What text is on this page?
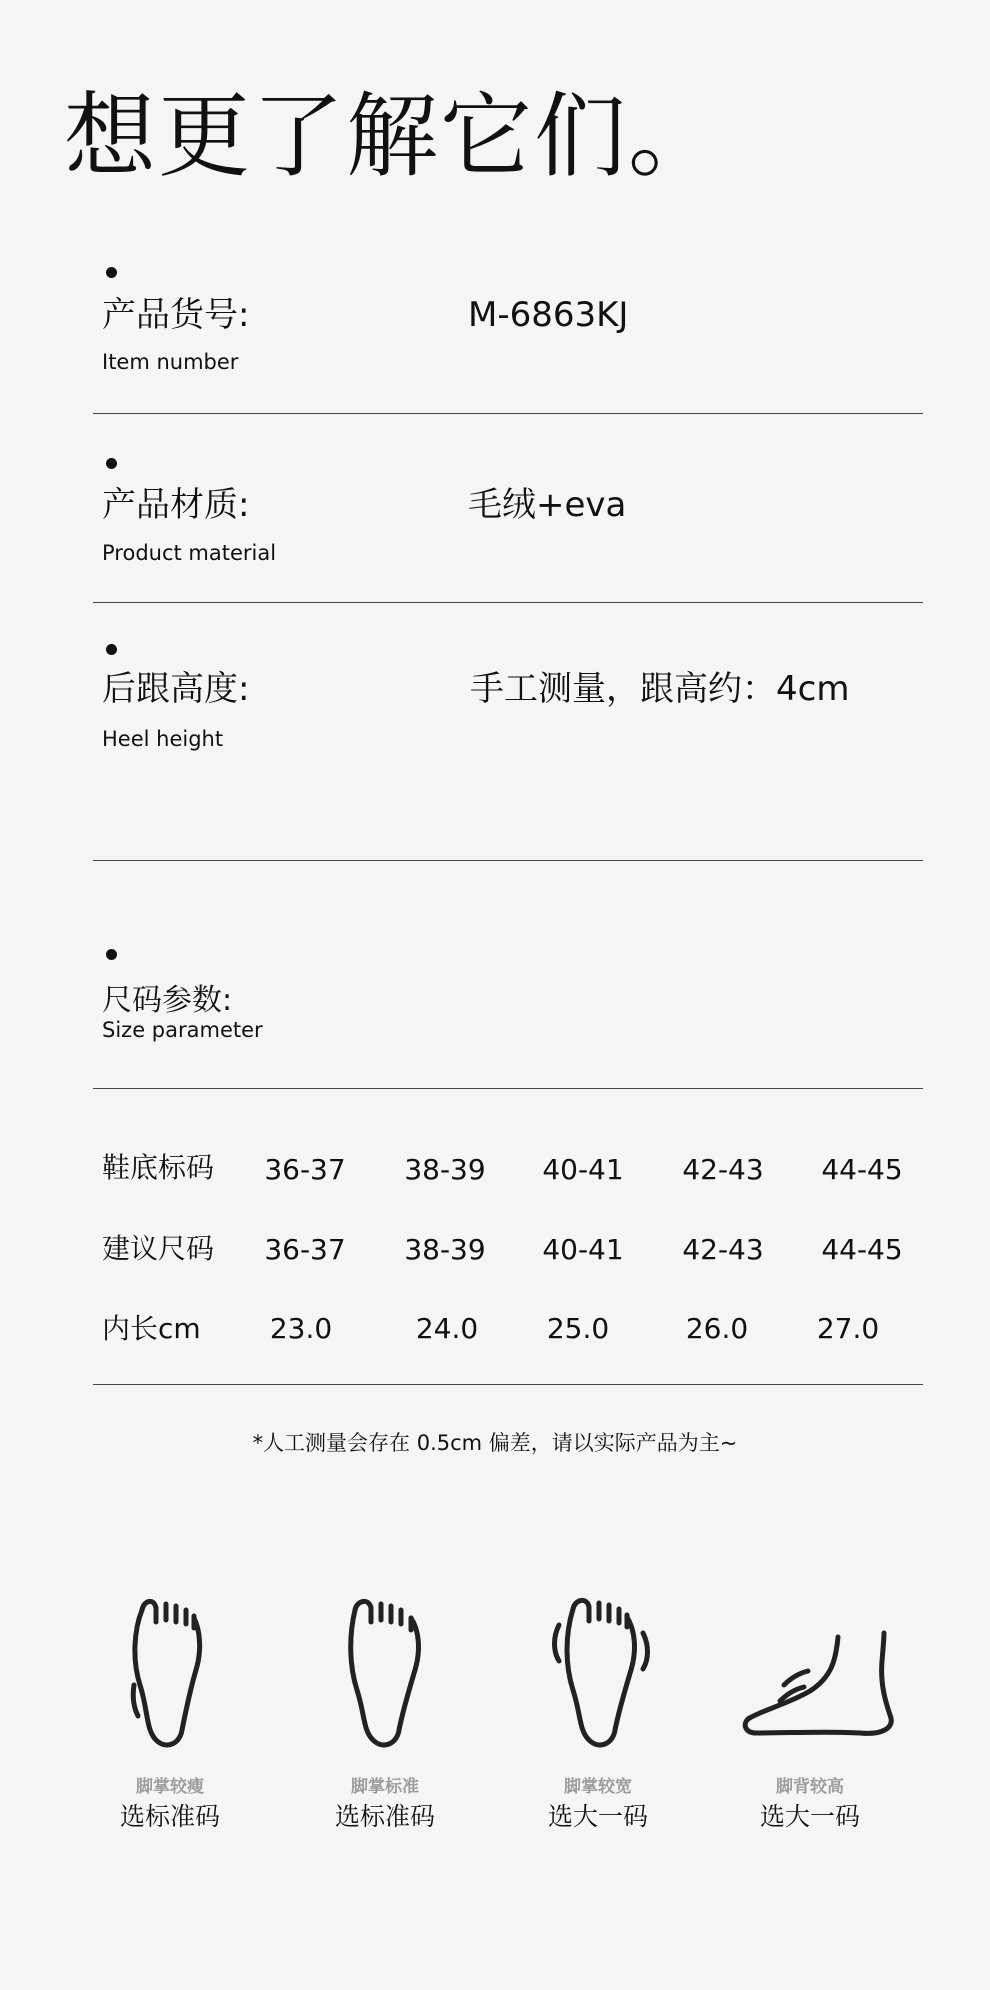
想更了解它们。
产品货号:
Item number
M-6863KJ
产品材质:
Product material
毛绒+eva
后跟高度:
Heel height
手工测量，跟高约：4cm
尺码参数:
Size parameter
鞋底标码	36-37	38-39	40-41	42-43	44-45
建议尺码	36-37	38-39	40-41	42-43	44-45
内长cm	23.0	24.0	25.0	26.0	27.0
*人工测量会存在 0.5cm 偏差，请以实际产品为主~
脚掌较瘦
选标准码
脚掌标准
选标准码
脚掌较宽
选大一码
脚背较高
选大一码
